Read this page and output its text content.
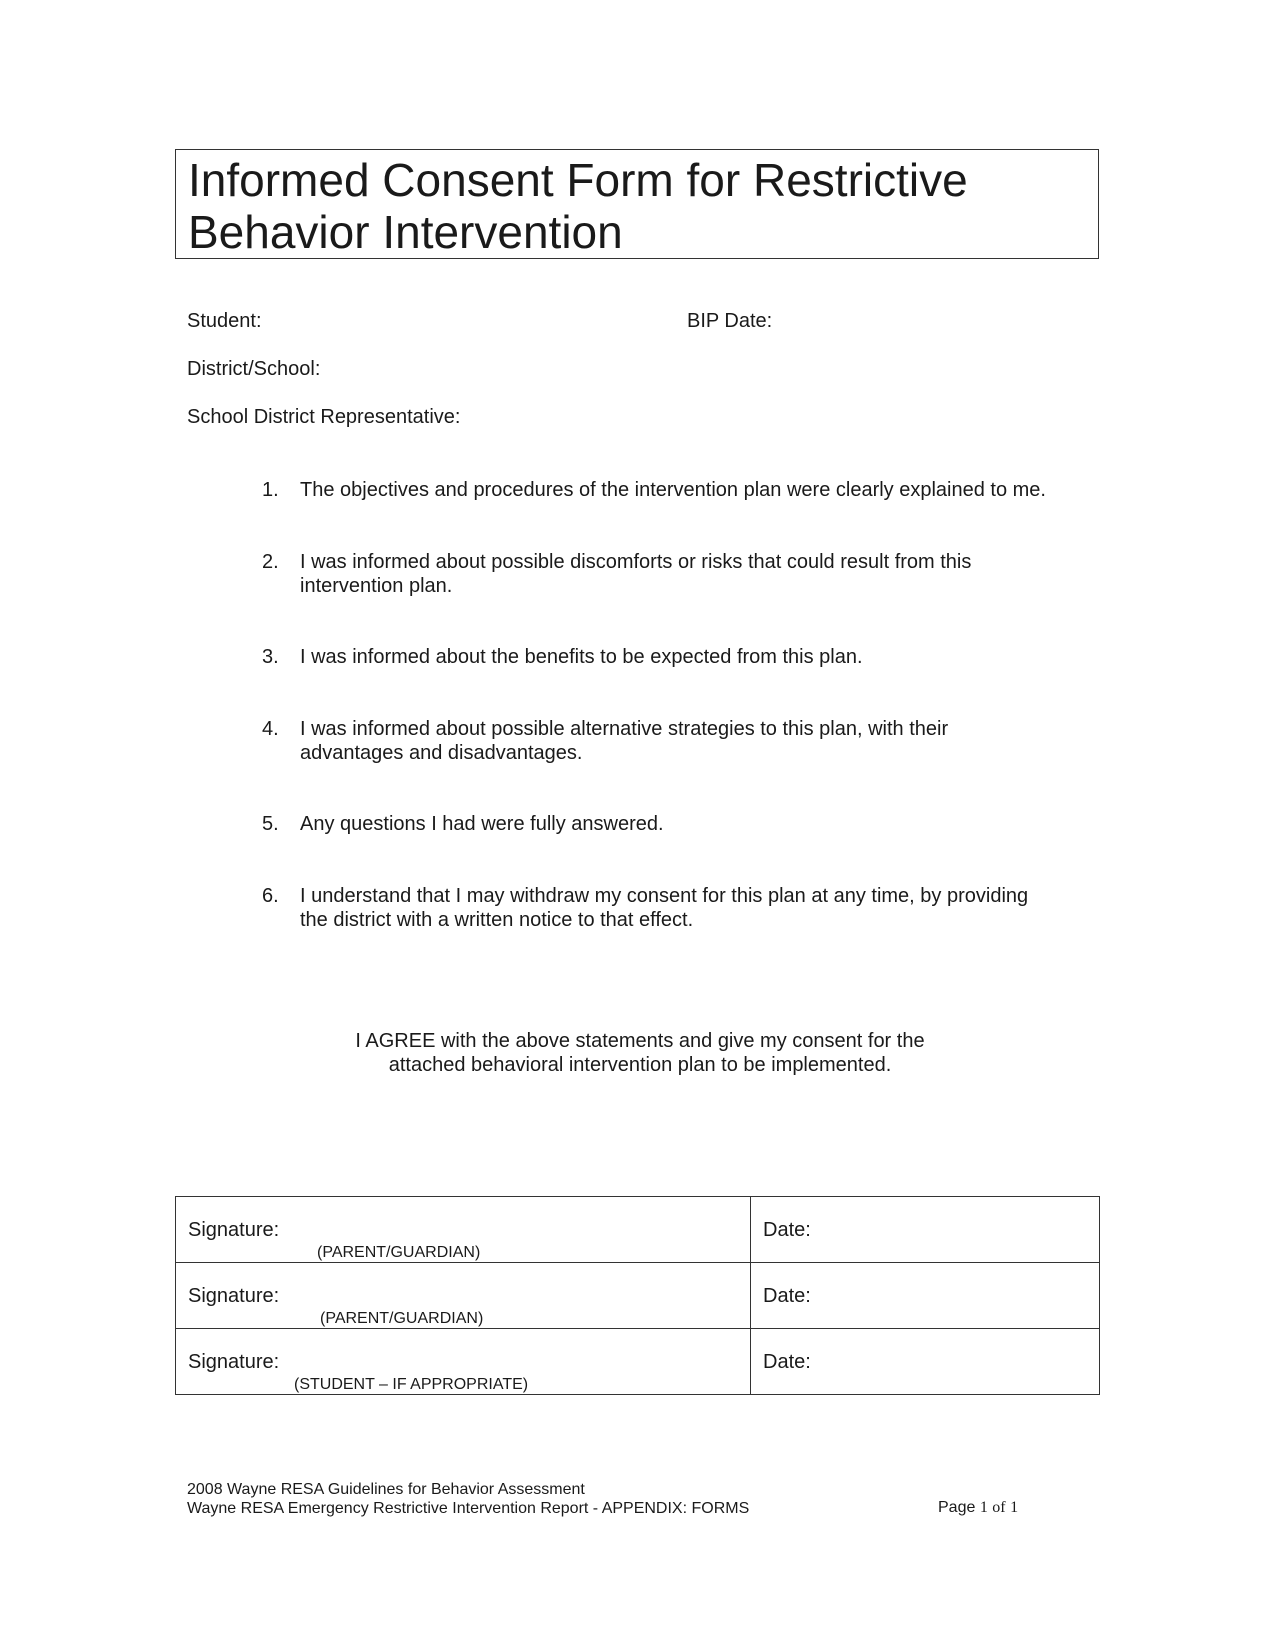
Informed Consent Form for Restrictive
Behavior Intervention
Student:	BIP Date:
District/School:
School District Representative:
1.	The objectives and procedures of the intervention plan were clearly explained to me.
2.	I was informed about possible discomforts or risks that could result from this intervention plan.
3.	I was informed about the benefits to be expected from this plan.
4.	I was informed about possible alternative strategies to this plan, with their advantages and disadvantages.
5.	Any questions I had were fully answered.
6.	I understand that I may withdraw my consent for this plan at any time, by providing the district with a written notice to that effect.
I AGREE with the above statements and give my consent for the
attached behavioral intervention plan to be implemented.
Signature:
(PARENT/GUARDIAN)	Date:

Signature:
(PARENT/GUARDIAN)	Date:

Signature:
(STUDENT – IF APPROPRIATE)	Date:
2008 Wayne RESA Guidelines for Behavior Assessment
Wayne RESA Emergency Restrictive Intervention Report - APPENDIX: FORMS	Page 1 of 1
